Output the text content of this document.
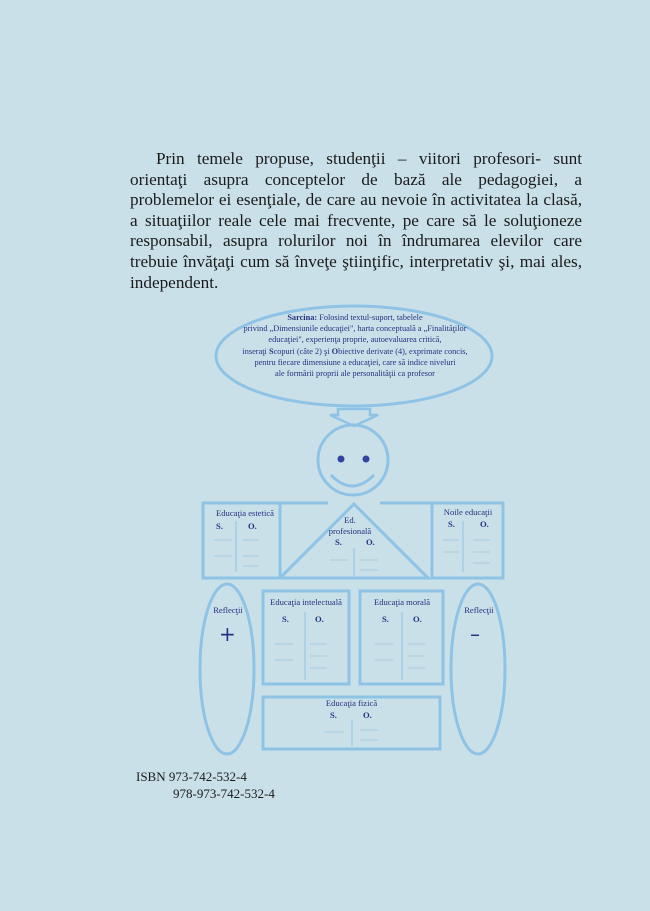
Prin temele propuse, studenţii – viitori profesori- sunt orientaţi asupra conceptelor de bază ale pedagogiei, a problemelor ei esenţiale, de care au nevoie în activitatea la clasă, a situaţiilor reale cele mai frecvente, pe care să le soluţioneze responsabil, asupra rolurilor noi în îndrumarea elevilor care trebuie învăţaţi cum să înveţe ştiinţific, interpretativ şi, mai ales, independent.

Sarcina: Folosind textul-suport, tabelele
privind „Dimensiunile educaţiei", harta conceptuală a „Finalităţilor
educaţiei", experienţa proprie, autoevaluarea critică,
inseraţi Scopuri (câte 2) şi Obiective derivate (4), exprimate concis,
pentru fiecare dimensiune a educaţiei, care să indice niveluri
ale formării proprii ale personalităţii ca profesor
Educaţia estetică
S.	O.
Noile educaţii
S.	O.
Ed.
profesională
S.	O.
Educaţia intelectuală
S.	O.
Educaţia morală
S.	O.
Educaţia fizică
S.	O.
Reflecţii
+
Reflecţii
–
ISBN 973-742-532-4
978-973-742-532-4
